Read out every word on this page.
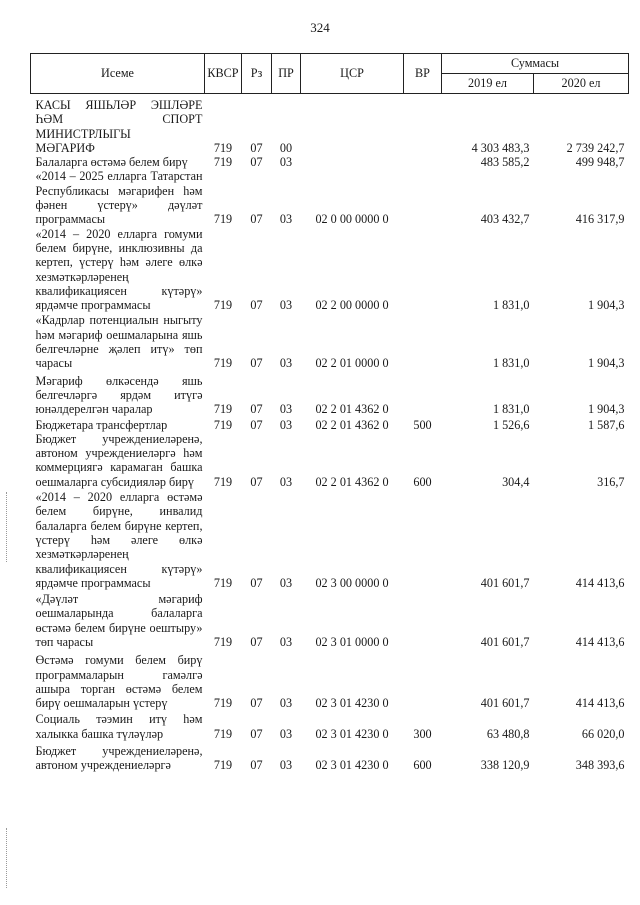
324
Исеме	КВСР	Рз	ПР	ЦСР	ВР	Суммасы	
						2019 ел	2020 ел
КАСЫ ЯШЬЛӘР ЭШЛӘРЕ ҺӘМ СПОРТ МИНИСТРЛЫГЫ							
МӘГАРИФ	719	07	00			4 303 483,3	2 739 242,7
Балаларга өстәмә белем бирү	719	07	03			483 585,2	499 948,7
«2014 – 2025 елларга Татарстан Республикасы мәгарифен һәм фәнен үстерү» дәүләт программасы	719	07	03	02 0 00 0000 0		403 432,7	416 317,9
«2014 – 2020 елларга гомуми белем бирүне, инклюзивны да кертеп, үстерү һәм әлеге өлкә хезмәткәрләренең квалификациясен күтәрү» ярдәмче программасы	719	07	03	02 2 00 0000 0		1 831,0	1 904,3
«Кадрлар потенциалын ныгыту һәм мәгариф оешмаларына яшь белгечләрне җәлеп итү» төп чарасы	719	07	03	02 2 01 0000 0		1 831,0	1 904,3
Мәгариф өлкәсендә яшь белгечләргә ярдәм итүгә юнәлдерелгән чаралар	719	07	03	02 2 01 4362 0		1 831,0	1 904,3
Бюджетара трансфертлар	719	07	03	02 2 01 4362 0	500	1 526,6	1 587,6
Бюджет учреждениеләренә, автоном учреждениеләргә һәм коммерциягә карамаган башка оешмаларга субсидияләр бирү	719	07	03	02 2 01 4362 0	600	304,4	316,7
«2014 – 2020 елларга өстәмә белем бирүне, инвалид балаларга белем бирүне кертеп, үстерү һәм әлеге өлкә хезмәткәрләренең квалификациясен күтәрү» ярдәмче программасы	719	07	03	02 3 00 0000 0		401 601,7	414 413,6
«Дәүләт мәгариф оешмаларында балаларга өстәмә белем бирүне оештыру» төп чарасы	719	07	03	02 3 01 0000 0		401 601,7	414 413,6
Өстәмә гомуми белем бирү программаларын гамәлгә ашыра торган өстәмә белем бирү оешмаларын үстерү	719	07	03	02 3 01 4230 0		401 601,7	414 413,6
Социаль тәэмин итү һәм халыкка башка түләүләр	719	07	03	02 3 01 4230 0	300	63 480,8	66 020,0
Бюджет учреждениеләренә, автоном учреждениеләргә	719	07	03	02 3 01 4230 0	600	338 120,9	348 393,6
